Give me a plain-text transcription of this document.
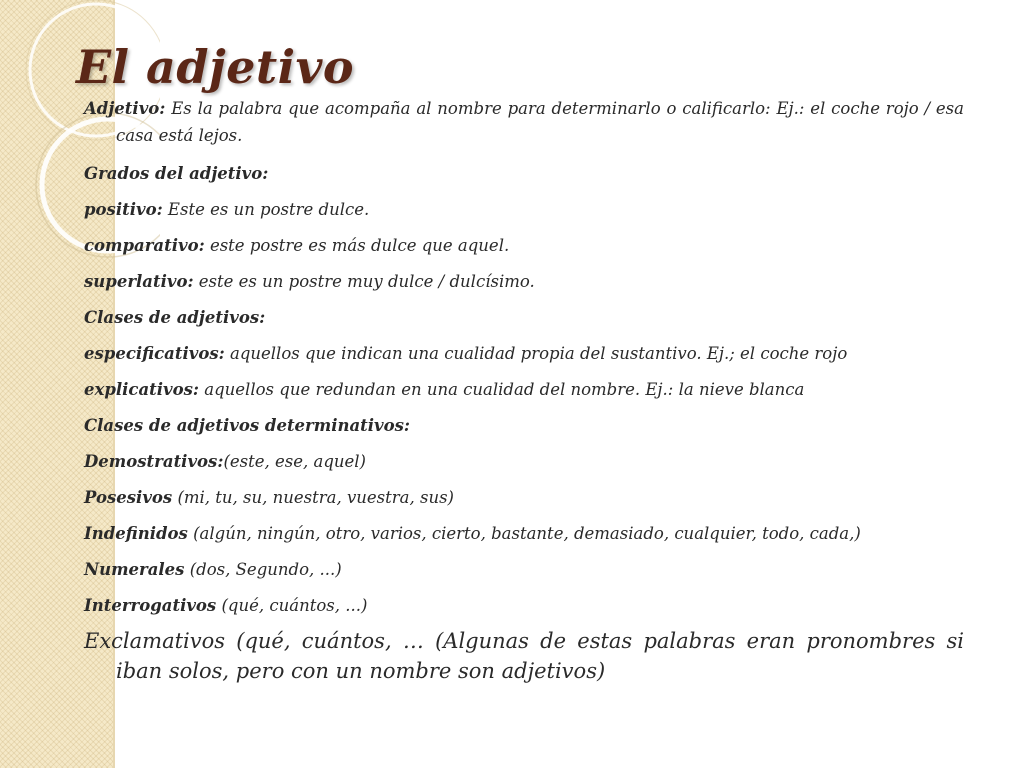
El adjetivo

Adjetivo: Es la palabra que acompaña al nombre para determinarlo o calificarlo: Ej.: el coche rojo / esa casa está lejos.

Grados del adjetivo:

positivo: Este es un postre dulce.

comparativo: este postre es más dulce que aquel.

superlativo: este es un postre muy dulce / dulcísimo.

Clases de adjetivos:

especificativos: aquellos que indican una cualidad propia del sustantivo. Ej.; el coche rojo

explicativos: aquellos que redundan en una cualidad del nombre. Ej.: la nieve blanca

Clases de adjetivos determinativos:

Demostrativos:(este, ese, aquel)

Posesivos (mi, tu, su, nuestra, vuestra, sus)

Indefinidos (algún, ningún, otro, varios, cierto, bastante, demasiado, cualquier, todo, cada,)

Numerales (dos, Segundo, ...)

Interrogativos (qué, cuántos, ...)

Exclamativos (qué, cuántos, … (Algunas de estas palabras eran pronombres si iban solos, pero con un nombre son adjetivos)
